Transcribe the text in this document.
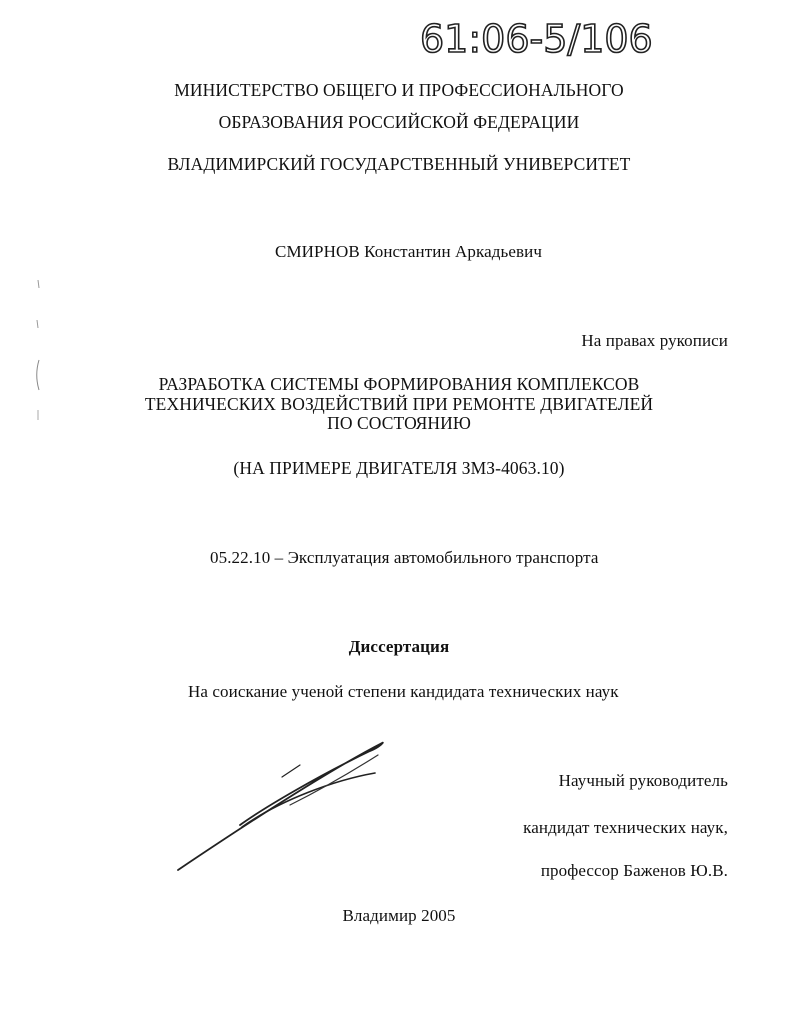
61:06-5/106
МИНИСТЕРСТВО ОБЩЕГО И ПРОФЕССИОНАЛЬНОГО
ОБРАЗОВАНИЯ РОССИЙСКОЙ ФЕДЕРАЦИИ
ВЛАДИМИРСКИЙ ГОСУДАРСТВЕННЫЙ УНИВЕРСИТЕТ
СМИРНОВ Константин Аркадьевич
На правах рукописи
РАЗРАБОТКА СИСТЕМЫ ФОРМИРОВАНИЯ КОМПЛЕКСОВ
ТЕХНИЧЕСКИХ ВОЗДЕЙСТВИЙ ПРИ РЕМОНТЕ ДВИГАТЕЛЕЙ
ПО СОСТОЯНИЮ
(НА ПРИМЕРЕ ДВИГАТЕЛЯ ЗМЗ-4063.10)
05.22.10 – Эксплуатация автомобильного транспорта
Диссертация
На соискание ученой степени кандидата технических наук
Научный руководитель
кандидат технических наук,
профессор Баженов Ю.В.
Владимир 2005
